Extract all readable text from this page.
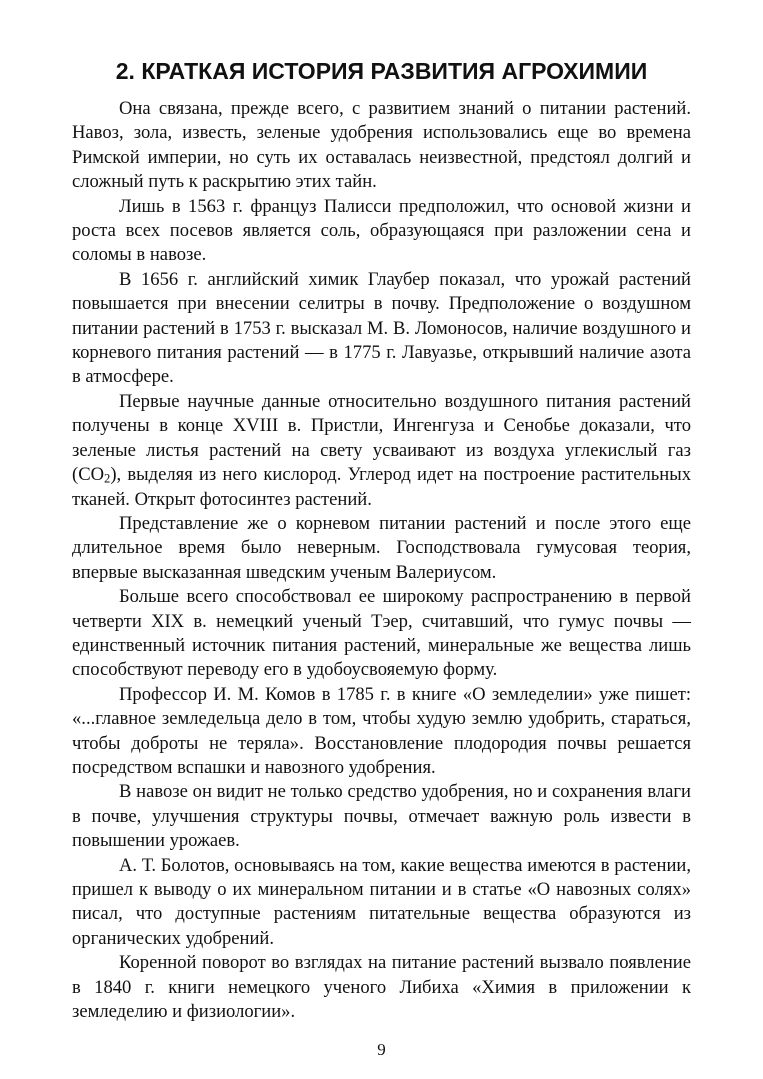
2. КРАТКАЯ ИСТОРИЯ РАЗВИТИЯ АГРОХИМИИ

Она связана, прежде всего, с развитием знаний о питании растений. Навоз, зола, известь, зеленые удобрения использовались еще во времена Римской империи, но суть их оставалась неизвестной, предстоял долгий и сложный путь к раскрытию этих тайн.

Лишь в 1563 г. француз Палисси предположил, что основой жизни и роста всех посевов является соль, образующаяся при разложении сена и соломы в навозе.

В 1656 г. английский химик Глаубер показал, что урожай растений повышается при внесении селитры в почву. Предположение о воздушном питании растений в 1753 г. высказал М. В. Ломоносов, наличие воздушного и корневого питания растений — в 1775 г. Лавуазье, открывший наличие азота в атмосфере.

Первые научные данные относительно воздушного питания растений получены в конце XVIII в. Пристли, Ингенгуза и Сенобье доказали, что зеленые листья растений на свету усваивают из воздуха углекислый газ $(СО_2)$, выделяя из него кислород. Углерод идет на построение растительных тканей. Открыт фотосинтез растений.

Представление же о корневом питании растений и после этого еще длительное время было неверным. Господствовала гумусовая теория, впервые высказанная шведским ученым Валериусом.

Больше всего способствовал ее широкому распространению в первой четверти XIX в. немецкий ученый Тэер, считавший, что гумус почвы — единственный источник питания растений, минеральные же вещества лишь способствуют переводу его в удобоусвояемую форму.

Профессор И. М. Комов в 1785 г. в книге «О земледелии» уже пишет: «...главное земледельца дело в том, чтобы худую землю удобрить, стараться, чтобы доброты не теряла». Восстановление плодородия почвы решается посредством вспашки и навозного удобрения.

В навозе он видит не только средство удобрения, но и сохранения влаги в почве, улучшения структуры почвы, отмечает важную роль извести в повышении урожаев.

А. Т. Болотов, основываясь на том, какие вещества имеются в растении, пришел к выводу о их минеральном питании и в статье «О навозных солях» писал, что доступные растениям питательные вещества образуются из органических удобрений.

Коренной поворот во взглядах на питание растений вызвало появление в 1840 г. книги немецкого ученого Либиха «Химия в приложении к земледелию и физиологии».

9
